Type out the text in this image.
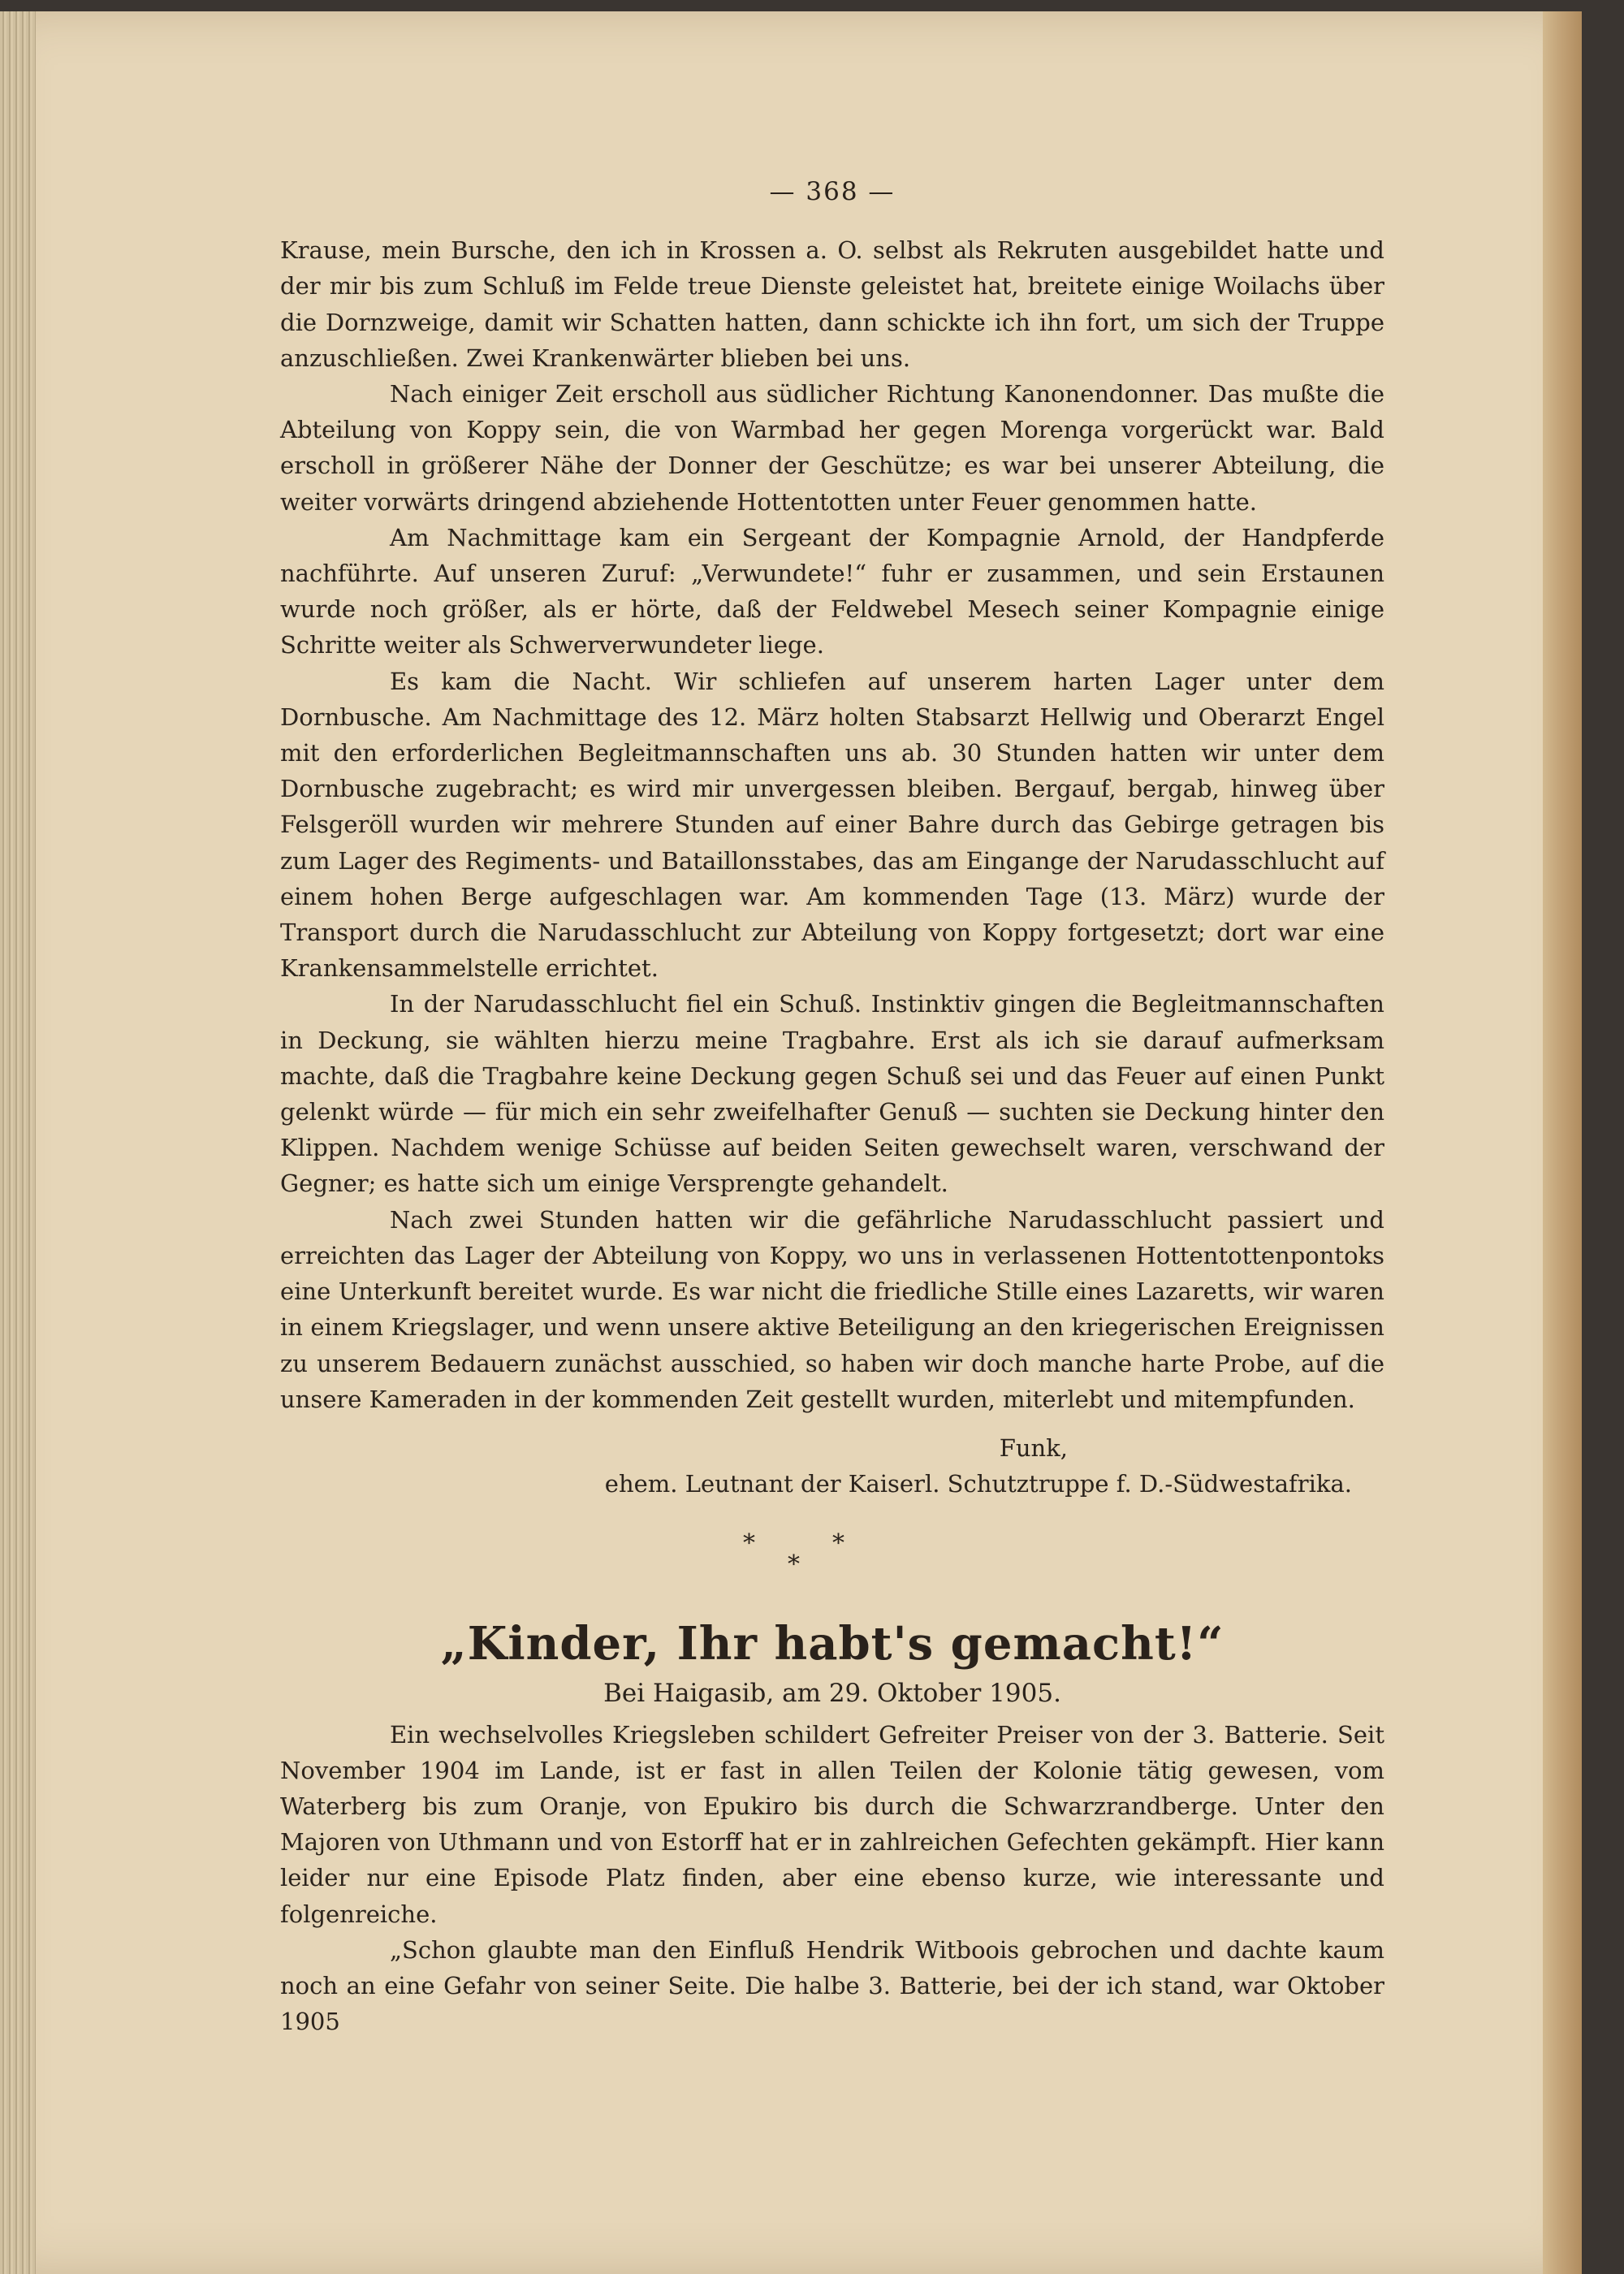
— 368 —

Krause, mein Bursche, den ich in Krossen a. O. selbst als Rekruten ausgebildet hatte und der mir bis zum Schluß im Felde treue Dienste geleistet hat, breitete einige Woilachs über die Dornzweige, damit wir Schatten hatten, dann schickte ich ihn fort, um sich der Truppe anzuschließen. Zwei Krankenwärter blieben bei uns.

Nach einiger Zeit erscholl aus südlicher Richtung Kanonendonner. Das mußte die Abteilung von Koppy sein, die von Warmbad her gegen Morenga vorgerückt war. Bald erscholl in größerer Nähe der Donner der Geschütze; es war bei unserer Abteilung, die weiter vorwärts dringend abziehende Hottentotten unter Feuer genommen hatte.

Am Nachmittage kam ein Sergeant der Kompagnie Arnold, der Handpferde nachführte. Auf unseren Zuruf: „Verwundete!“ fuhr er zusammen, und sein Erstaunen wurde noch größer, als er hörte, daß der Feldwebel Mesech seiner Kompagnie einige Schritte weiter als Schwerverwundeter liege.

Es kam die Nacht. Wir schliefen auf unserem harten Lager unter dem Dornbusche. Am Nachmittage des 12. März holten Stabsarzt Hellwig und Oberarzt Engel mit den erforderlichen Begleitmannschaften uns ab. 30 Stunden hatten wir unter dem Dornbusche zugebracht; es wird mir unvergessen bleiben. Bergauf, bergab, hinweg über Felsgeröll wurden wir mehrere Stunden auf einer Bahre durch das Gebirge getragen bis zum Lager des Regiments- und Bataillonsstabes, das am Eingange der Narudasschlucht auf einem hohen Berge aufgeschlagen war. Am kommenden Tage (13. März) wurde der Transport durch die Narudasschlucht zur Abteilung von Koppy fortgesetzt; dort war eine Krankensammelstelle errichtet.

In der Narudasschlucht fiel ein Schuß. Instinktiv gingen die Begleitmannschaften in Deckung, sie wählten hierzu meine Tragbahre. Erst als ich sie darauf aufmerksam machte, daß die Tragbahre keine Deckung gegen Schuß sei und das Feuer auf einen Punkt gelenkt würde — für mich ein sehr zweifelhafter Genuß — suchten sie Deckung hinter den Klippen. Nachdem wenige Schüsse auf beiden Seiten gewechselt waren, verschwand der Gegner; es hatte sich um einige Versprengte gehandelt.

Nach zwei Stunden hatten wir die gefährliche Narudasschlucht passiert und erreichten das Lager der Abteilung von Koppy, wo uns in verlassenen Hottentottenpontoks eine Unterkunft bereitet wurde. Es war nicht die friedliche Stille eines Lazaretts, wir waren in einem Kriegslager, und wenn unsere aktive Beteiligung an den kriegerischen Ereignissen zu unserem Bedauern zunächst ausschied, so haben wir doch manche harte Probe, auf die unsere Kameraden in der kommenden Zeit gestellt wurden, miterlebt und mitempfunden.

Funk,
ehem. Leutnant der Kaiserl. Schutztruppe f. D.-Südwestafrika.
*	*
*
„Kinder, Ihr habt's gemacht!“
Bei Haigasib, am 29. Oktober 1905.

Ein wechselvolles Kriegsleben schildert Gefreiter Preiser von der 3. Batterie. Seit November 1904 im Lande, ist er fast in allen Teilen der Kolonie tätig gewesen, vom Waterberg bis zum Oranje, von Epukiro bis durch die Schwarzrandberge. Unter den Majoren von Uthmann und von Estorff hat er in zahlreichen Gefechten gekämpft. Hier kann leider nur eine Episode Platz finden, aber eine ebenso kurze, wie interessante und folgenreiche.

„Schon glaubte man den Einfluß Hendrik Witboois gebrochen und dachte kaum noch an eine Gefahr von seiner Seite. Die halbe 3. Batterie, bei der ich stand, war Oktober 1905
